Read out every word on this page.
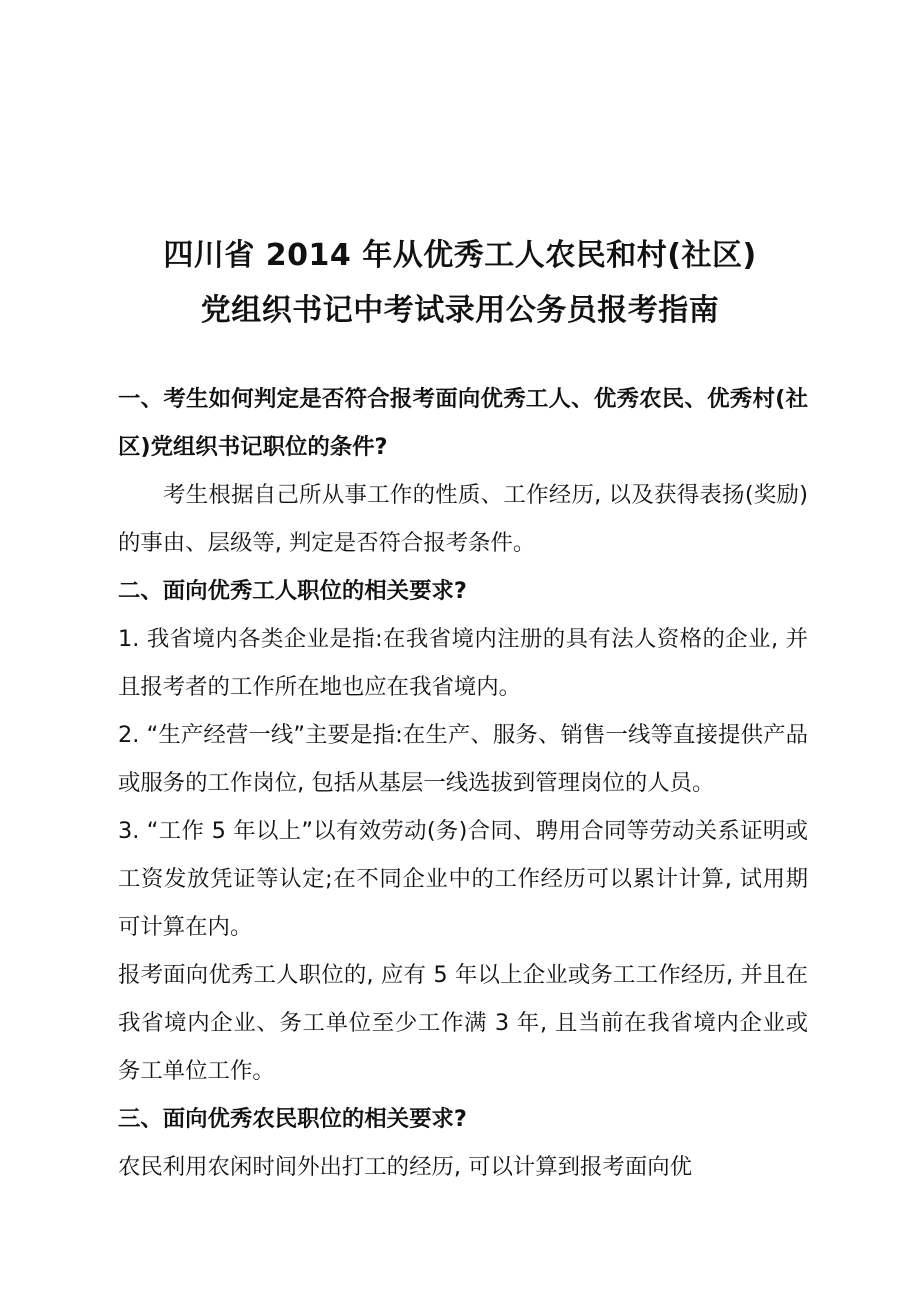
四川省 2014 年从优秀工人农民和村(社区)
党组织书记中考试录用公务员报考指南

一、考生如何判定是否符合报考面向优秀工人、优秀农民、优秀村(社区)党组织书记职位的条件?

考生根据自己所从事工作的性质、工作经历, 以及获得表扬(奖励)的事由、层级等, 判定是否符合报考条件。

二、面向优秀工人职位的相关要求?

1. 我省境内各类企业是指:在我省境内注册的具有法人资格的企业, 并且报考者的工作所在地也应在我省境内。

2. “生产经营一线”主要是指:在生产、服务、销售一线等直接提供产品或服务的工作岗位, 包括从基层一线选拔到管理岗位的人员。

3. “工作 5 年以上”以有效劳动(务)合同、聘用合同等劳动关系证明或工资发放凭证等认定;在不同企业中的工作经历可以累计计算, 试用期可计算在内。

报考面向优秀工人职位的, 应有 5 年以上企业或务工工作经历, 并且在我省境内企业、务工单位至少工作满 3 年, 且当前在我省境内企业或务工单位工作。

三、面向优秀农民职位的相关要求?

农民利用农闲时间外出打工的经历, 可以计算到报考面向优
